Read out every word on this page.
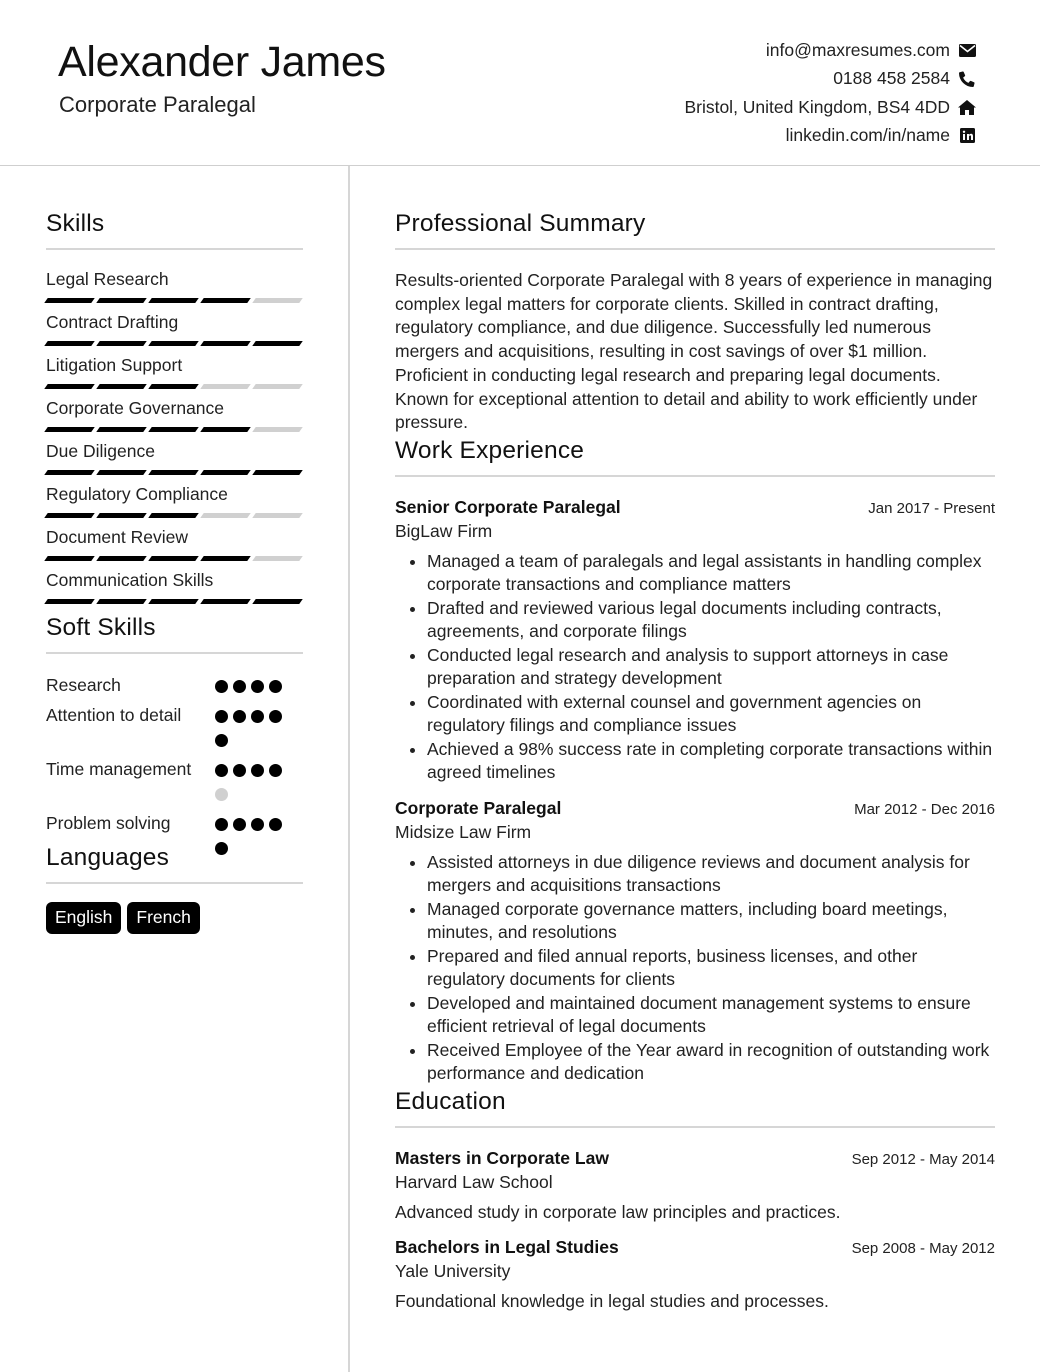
Alexander James
Corporate Paralegal
info@maxresumes.com
0188 458 2584
Bristol, United Kingdom, BS4 4DD
linkedin.com/in/name
Skills
Legal Research
Contract Drafting
Litigation Support
Corporate Governance
Due Diligence
Regulatory Compliance
Document Review
Communication Skills
Soft Skills
Research
Attention to detail
Time management
Problem solving
Languages
English	French
Professional Summary
Results-oriented Corporate Paralegal with 8 years of experience in managing complex legal matters for corporate clients. Skilled in contract drafting, regulatory compliance, and due diligence. Successfully led numerous mergers and acquisitions, resulting in cost savings of over $1 million. Proficient in conducting legal research and preparing legal documents. Known for exceptional attention to detail and ability to work efficiently under pressure.
Work Experience
Senior Corporate Paralegal	Jan 2017 - Present
BigLaw Firm
• Managed a team of paralegals and legal assistants in handling complex corporate transactions and compliance matters
• Drafted and reviewed various legal documents including contracts, agreements, and corporate filings
• Conducted legal research and analysis to support attorneys in case preparation and strategy development
• Coordinated with external counsel and government agencies on regulatory filings and compliance issues
• Achieved a 98% success rate in completing corporate transactions within agreed timelines
Corporate Paralegal	Mar 2012 - Dec 2016
Midsize Law Firm
• Assisted attorneys in due diligence reviews and document analysis for mergers and acquisitions transactions
• Managed corporate governance matters, including board meetings, minutes, and resolutions
• Prepared and filed annual reports, business licenses, and other regulatory documents for clients
• Developed and maintained document management systems to ensure efficient retrieval of legal documents
• Received Employee of the Year award in recognition of outstanding work performance and dedication
Education
Masters in Corporate Law	Sep 2012 - May 2014
Harvard Law School
Advanced study in corporate law principles and practices.
Bachelors in Legal Studies	Sep 2008 - May 2012
Yale University
Foundational knowledge in legal studies and processes.
